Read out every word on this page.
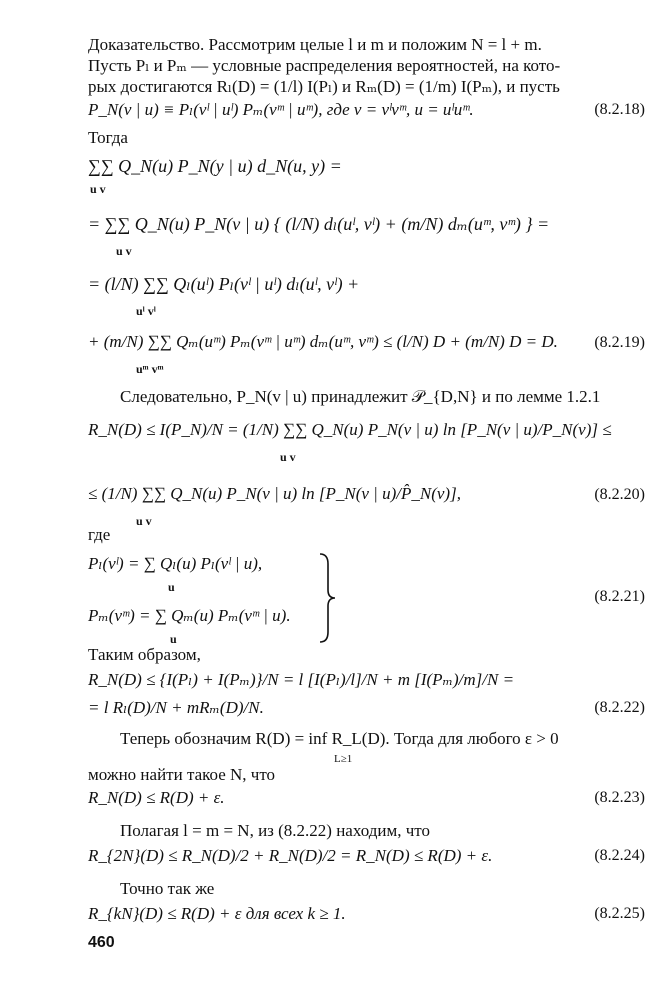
Доказательство. Рассмотрим целые l и m и положим N = l + m.
Пусть Pₗ и Pₘ — условные распределения вероятностей, на кото-
рых достигаются Rₗ(D) = (1/l) I(Pₗ) и Rₘ(D) = (1/m) I(Pₘ), и пусть
P_N(v | u) ≡ Pₗ(vˡ | uˡ) Pₘ(vᵐ | uᵐ), где v = vˡvᵐ, u = uˡuᵐ.	(8.2.18)
Тогда
∑∑ Q_N(u) P_N(y | u) d_N(u, y) =
u v
= ∑∑ Q_N(u) P_N(v | u) { (l/N) dₗ(uˡ, vˡ) + (m/N) dₘ(uᵐ, vᵐ) } =
u v
= (l/N) ∑∑ Qₗ(uˡ) Pₗ(vˡ | uˡ) dₗ(uˡ, vˡ) +
uˡ vˡ
+ (m/N) ∑∑ Qₘ(uᵐ) Pₘ(vᵐ | uᵐ) dₘ(uᵐ, vᵐ) ≤ (l/N) D + (m/N) D = D.
uᵐ vᵐ
(8.2.19)
Следовательно, P_N(v | u) принадлежит 𝒫_{D,N} и по лемме 1.2.1
R_N(D) ≤ I(P_N)/N = (1/N) ∑∑ Q_N(u) P_N(v | u) ln [P_N(v | u)/P_N(v)] ≤
u v
≤ (1/N) ∑∑ Q_N(u) P_N(v | u) ln [P_N(v | u)/P̂_N(v)],
u v
(8.2.20)
где
Pₗ(vˡ) = ∑ Qₗ(u) Pₗ(vˡ | u),
u
Pₘ(vᵐ) = ∑ Qₘ(u) Pₘ(vᵐ | u).
u
(8.2.21)
Таким образом,
R_N(D) ≤ {I(Pₗ) + I(Pₘ)}/N = l [I(Pₗ)/l]/N + m [I(Pₘ)/m]/N =
= l Rₗ(D)/N + mRₘ(D)/N.	(8.2.22)
Теперь обозначим R(D) = inf R_L(D). Тогда для любого ε > 0
L≥1
можно найти такое N, что
R_N(D) ≤ R(D) + ε.	(8.2.23)
Полагая l = m = N, из (8.2.22) находим, что
R_{2N}(D) ≤ R_N(D)/2 + R_N(D)/2 = R_N(D) ≤ R(D) + ε.	(8.2.24)
Точно так же
R_{kN}(D) ≤ R(D) + ε для всех k ≥ 1.	(8.2.25)
460
